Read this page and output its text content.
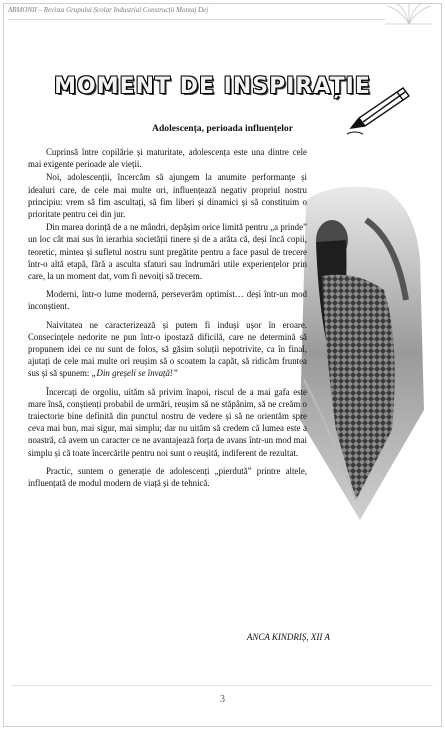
ARMONII – Revista Grupului Școlar Industrial Construcții Montaj Dej
MOMENT DE INSPIRAȚIE
Adolescența, perioada influențelor

Cuprinsă între copilărie și maturitate, adolescența este una dintre cele mai exigente perioade ale vieții.

Noi, adolescenții, încercăm să ajungem la anumite performanțe și idealuri care, de cele mai multe ori, influențează negativ propriul nostru principiu: vrem să fim ascultați, să fim liberi și dinamici și să constituim o prioritate pentru cei din jur.

Din marea dorință de a ne mândri, depășim orice limită pentru „a prinde” un loc cât mai sus în ierarhia societății tinere și de a arăta că, deși încă copii, teoretic, mintea și sufletul nostru sunt pregătite pentru a face pasul de trecere într-o altă etapă, fără a asculta sfaturi sau îndrumări utile experiențelor prin care, la un moment dat, vom fi nevoiți să trecem.

Moderni, într-o lume modernă, perseverăm optimist… deși într-un mod inconștient.

Naivitatea ne caracterizează și putem fi induși ușor în eroare. Consecințele nedorite ne pun într-o ipostază dificilă, care ne determină să propunem idei ce nu sunt de folos, să găsim soluții nepotrivite, ca în final, ajutați de cele mai multe ori reușim să o scoatem la capăt, să ridicăm fruntea sus și să spunem: „Din greșeli se învață!”

Încercați de orgoliu, uităm să privim înapoi, riscul de a mai gafa este mare însă, conștienți probabil de urmări, reușim să ne stăpânim, să ne creăm o traiectorie bine definită din punctul nostru de vedere și să ne orientăm spre ceva mai bun, mai sigur, mai simplu; dar nu uităm să credem că lumea este a noastră, că avem un caracter ce ne avantajează forța de avans într-un mod mai simplu și că toate încercările pentru noi sunt o reușită, indiferent de rezultat.

Practic, suntem o generație de adolescenți „pierdută” printre altele, influențată de modul modern de viață și de tehnică.

ANCA KINDRIȘ, XII A
3
